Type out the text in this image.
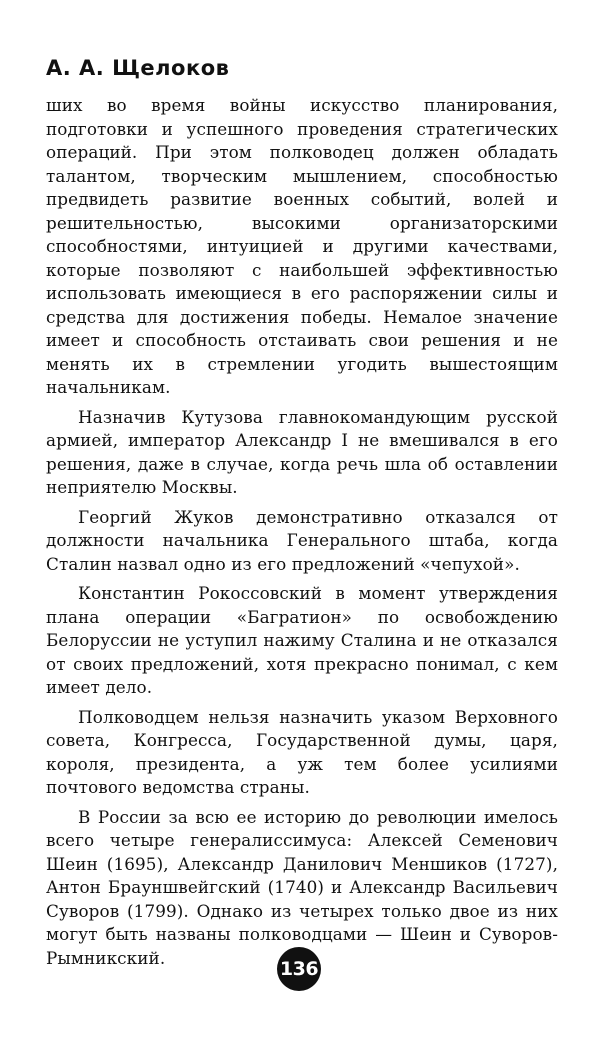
А. А. Щелоков

ших во время войны искусство планирования, подготовки и успешного проведения стратегических операций. При этом полководец должен обладать талантом, творческим мышлением, способностью предвидеть развитие военных событий, волей и решительностью, высокими организаторскими способностями, интуицией и другими качествами, которые позволяют с наибольшей эффективностью использовать имеющиеся в его распоряжении силы и средства для достижения победы. Немалое значение имеет и способность отстаивать свои решения и не менять их в стремлении угодить вышестоящим начальникам.

Назначив Кутузова главнокомандующим русской армией, император Александр I не вмешивался в его решения, даже в случае, когда речь шла об оставлении неприятелю Москвы.

Георгий Жуков демонстративно отказался от должности начальника Генерального штаба, когда Сталин назвал одно из его предложений «чепухой».

Константин Рокоссовский в момент утверждения плана операции «Багратион» по освобождению Белоруссии не уступил нажиму Сталина и не отказался от своих предложений, хотя прекрасно понимал, с кем имеет дело.

Полководцем нельзя назначить указом Верховного совета, Конгресса, Государственной думы, царя, короля, президента, а уж тем более усилиями почтового ведомства страны.

В России за всю ее историю до революции имелось всего четыре генералиссимуса: Алексей Семенович Шеин (1695), Александр Данилович Меншиков (1727), Антон Брауншвейгский (1740) и Александр Васильевич Суворов (1799). Однако из четырех только двое из них могут быть названы полководцами — Шеин и Суворов-Рымникский.

136
